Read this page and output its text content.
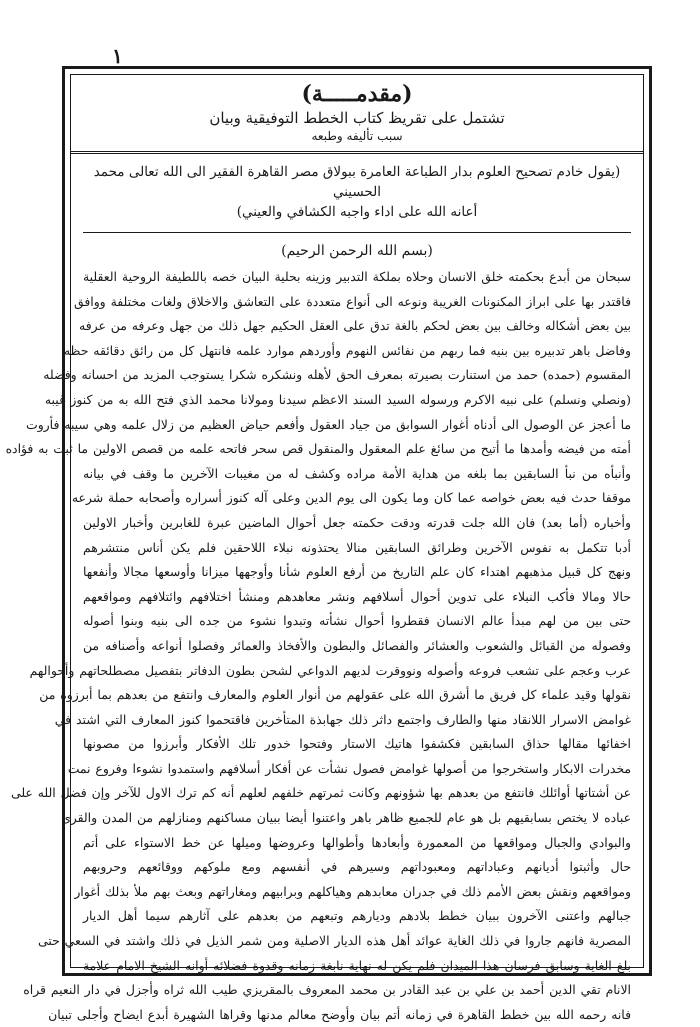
١
(مقدمـــــة)
تشتمل على تقريظ كتاب الخطط التوفيقية وبيان
سبب تأليفه وطبعه
(يقول خادم تصحيح العلوم بدار الطباعة العامرة ببولاق مصر القاهرة الفقير الى الله تعالى محمد الحسيني
أعانه الله على اداء واجبه الكشافي والعيني)
(بسم الله الرحمن الرحيم)
سبحان من أبدع بحكمته خلق الانسان وحلاه بملكة التدبير وزينه بحلية البيان خصه باللطيفة الروحية العقلية
فاقتدر بها على ابراز المكنونات الغريبة ونوعه الى أنواع متعددة على التعاشق والاخلاق ولغات مختلفة ووافق
بين بعض أشكاله وخالف بين بعض لحكم بالغة تدق على العقل الحكيم جهل ذلك من جهل وعرفه من عرفه
وفاضل باهر تدبيره بين بنيه فما ربهم من نفائس النهوم وأوردهم موارد علمه فانتهل كل من رائق دقائقه حظه
المقسوم (حمده) حمد من استنارت بصيرته بمعرف الحق لأهله ونشكره شكرا يستوجب المزيد من احسانه وفضله
(ونصلي ونسلم) على نبيه الاكرم ورسوله السيد السند الاعظم سيدنا ومولانا محمد الذي فتح الله به من كنوز غيبه
ما أعجز عن الوصول الى أدناه أغوار السوابق من جياد العقول وأفعم حياض العظيم من زلال علمه وهي سيبه فأروت
أمته من فيضه وأمدها ما أتيح من سائغ علم المعقول والمنقول قص سحر فاتحه علمه من قصص الاولين ما ثبت به فؤاده
وأنبأه من نبأ السابقين بما بلغه من هداية الأمة مراده وكشف له من مغيبات الآخرين ما وقف في بيانه
موقفا حدث فيه بعض خواصه عما كان وما يكون الى يوم الدين وعلى آله كنوز أسراره وأصحابه حملة شرعه
وأخباره (أما بعد) فان الله جلت قدرته ودقت حكمته جعل أحوال الماضين عبرة للغابرين وأخبار الاولين
أدبا تتكمل به نفوس الآخرين وطرائق السابقين منالا يحتذونه نبلاء اللاحقين فلم يكن أناس منتشرهم
ونهج كل قبيل مذهبهم اهتداء كان علم التاريخ من أرفع العلوم شأنا وأوجهها ميزانا وأوسعها مجالا وأنفعها
حالا ومالا فأكب النبلاء على تدوين أحوال أسلافهم ونشر معاهدهم ومنشأ اختلافهم وائتلافهم ومواقعهم
حتى بين من لهم مبدأ عالم الانسان فقطروا أحوال نشأته وتبدوا نشوء من جده الى بنيه وبنوا أصوله
وفصوله من القبائل والشعوب والعشائر والفصائل والبطون والأفخاذ والعمائر وفصلوا أنواعه وأصنافه من
عرب وعجم على تشعب فروعه وأصوله ونووقرت لديهم الدواعي لشحن بطون الدفاتر بتفصيل مصطلحاتهم وأحوالهم
نقولها وقيد علماء كل فريق ما أشرق الله على عقولهم من أنوار العلوم والمعارف وانتفع من بعدهم بما أبرزوه من
غوامض الاسرار اللانقاد منها والطارف واجتمع داثر ذلك جهابذة المتأخرين فاقتحموا كنوز المعارف التي اشتد في
اخفائها مقالها حذاق السابقين فكشفوا هاتيك الاستار وفتحوا خدور تلك الأفكار وأبرزوا من مصونها
مخدرات الابكار واستخرجوا من أصولها غوامض فصول نشأت عن أفكار أسلافهم واستمدوا نشوءا وفروع نمت
عن أشتاتها أوائلك فانتفع من بعدهم بها شؤونهم وكانت ثمرتهم خلفهم لعلهم أنه كم ترك الاول للآخر وإن فضل الله على
عباده لا يختص بسابقيهم بل هو عام للجميع ظاهر باهر واعتنوا أيضا ببيان مساكنهم ومنازلهم من المدن والقرى
والبوادي والجبال ومواقعها من المعمورة وأبعادها وأطوالها وعروضها وميلها عن خط الاستواء على أتم
حال وأثبتوا أديانهم وعباداتهم ومعبوداتهم وسيرهم في أنفسهم ومع ملوكهم ووقائعهم وحروبهم
ومواقعهم ونقش بعض الأمم ذلك في جدران معابدهم وهياكلهم وبرابيهم ومغاراتهم وبعث بهم ملأ بذلك أغوار
جبالهم واعتنى الآخرون ببيان خطط بلادهم وديارهم وتبعهم من بعدهم على آثارهم سيما أهل الديار
المصرية فانهم جاروا في ذلك الغاية عوائد أهل هذه الديار الاصلية ومن شمر الذيل في ذلك واشتد في السعي حتى
بلغ الغاية وسابق فرسان هذا الميدان فلم يكن له نهاية نابغة زمانه وقدوة فضلائه أوانه الشيخ الامام علامة
الانام تقي الدين أحمد بن علي بن عبد القادر بن محمد المعروف بالمقريزي طيب الله ثراه وأجزل في دار النعيم قراه
فانه رحمه الله بين خطط القاهرة في زمانه أتم بيان وأوضح معالم مدنها وقراها الشهيرة أبدع ايضاح وأجلى تبيان
